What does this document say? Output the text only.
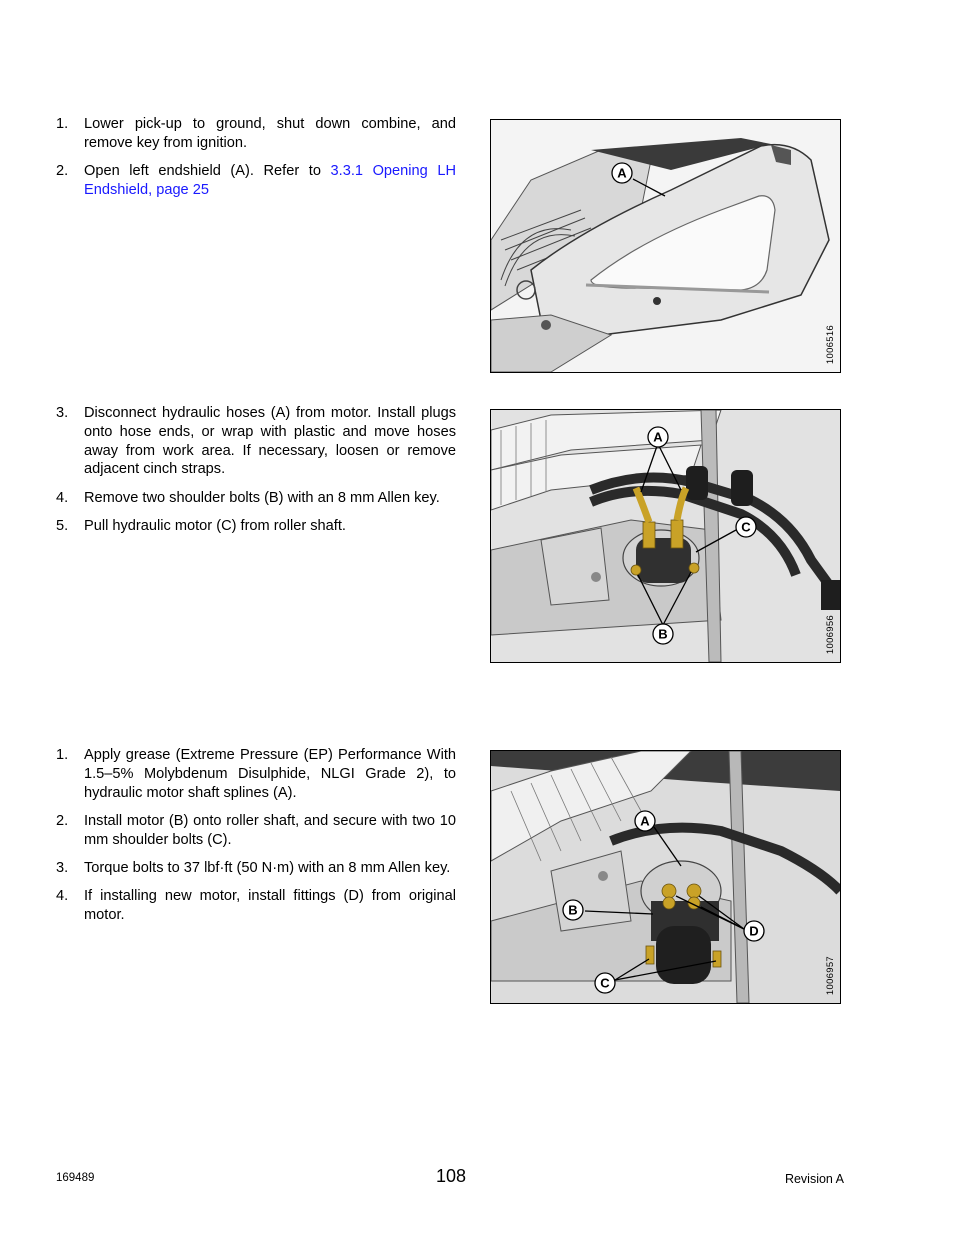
1.	Lower pick-up to ground, shut down combine, and remove key from ignition.
2.	Open left endshield (A). Refer to 3.3.1 Opening LH Endshield, page 25
A
1006516
3.	Disconnect hydraulic hoses (A) from motor. Install plugs onto hose ends, or wrap with plastic and move hoses away from work area. If necessary, loosen or remove adjacent cinch straps.
4.	Remove two shoulder bolts (B) with an 8 mm Allen key.
5.	Pull hydraulic motor (C) from roller shaft.
A
B
C
1006956
1.	Apply grease (Extreme Pressure (EP) Performance With 1.5–5% Molybdenum Disulphide, NLGI Grade 2), to hydraulic motor shaft splines (A).
2.	Install motor (B) onto roller shaft, and secure with two 10 mm shoulder bolts (C).
3.	Torque bolts to 37 lbf·ft (50 N·m) with an 8 mm Allen key.
4.	If installing new motor, install fittings (D) from original motor.
A
B
C
D
1006957
169489	108	Revision A
